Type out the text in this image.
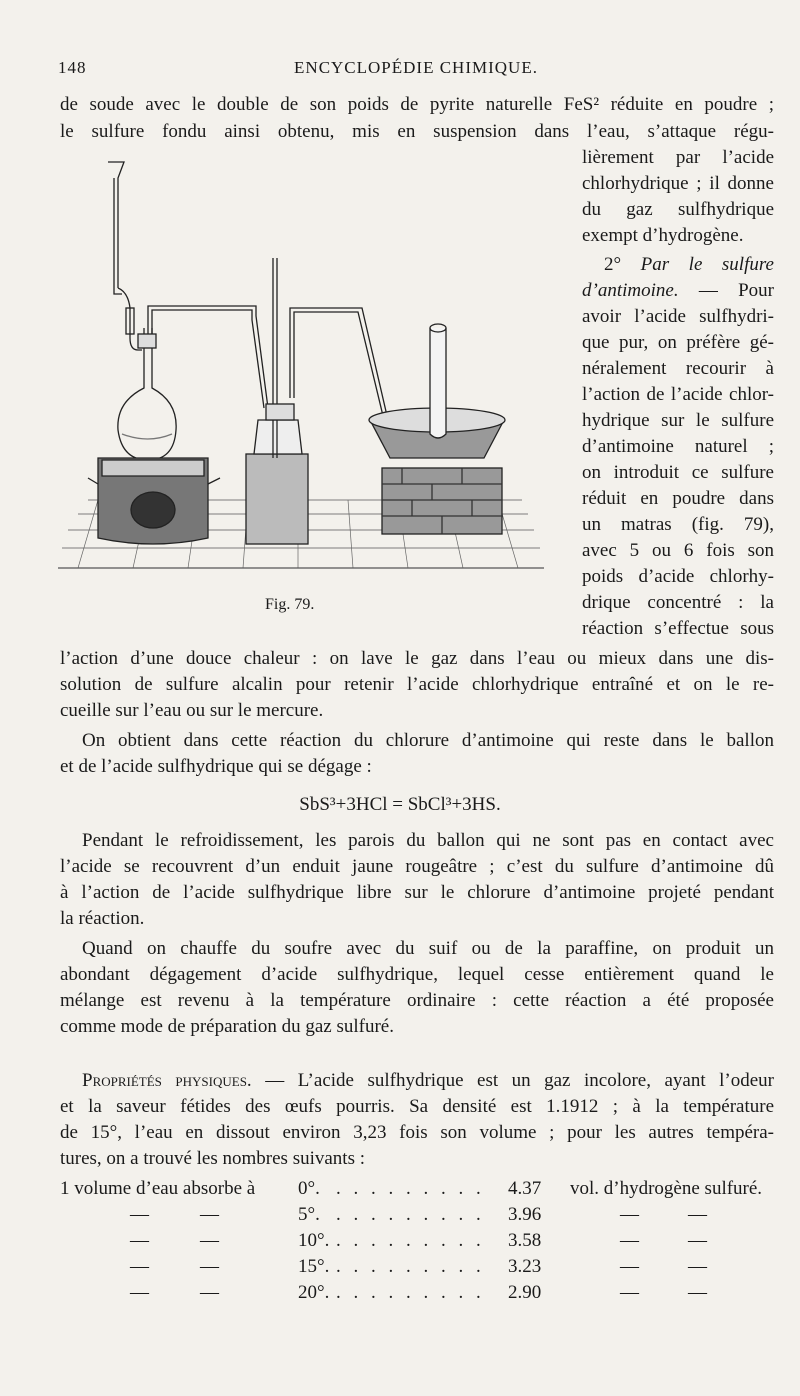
148	ENCYCLOPÉDIE CHIMIQUE.
de soude avec le double de son poids de pyrite naturelle FeS² réduite en poudre ;
le sulfure fondu ainsi obtenu, mis en suspension dans l’eau, s’attaque régu-
lièrement par l’acide
chlorhydrique ; il donne
du gaz sulfhydrique
exempt d’hydrogène.
2° Par le sulfure
d’antimoine. — Pour
avoir l’acide sulfhydri-
que pur, on préfère gé-
néralement recourir à
l’action de l’acide chlor-
hydrique sur le sulfure
d’antimoine naturel ;
on introduit ce sulfure
réduit en poudre dans
un matras (fig. 79),
avec 5 ou 6 fois son
poids d’acide chlorhy-
drique concentré : la
réaction s’effectue sous
Fig. 79.
l’action d’une douce chaleur : on lave le gaz dans l’eau ou mieux dans une dis-
solution de sulfure alcalin pour retenir l’acide chlorhydrique entraîné et on le re-
cueille sur l’eau ou sur le mercure.
On obtient dans cette réaction du chlorure d’antimoine qui reste dans le ballon
et de l’acide sulfhydrique qui se dégage :
SbS³+3HCl = SbCl³+3HS.
Pendant le refroidissement, les parois du ballon qui ne sont pas en contact avec
l’acide se recouvrent d’un enduit jaune rougeâtre ; c’est du sulfure d’antimoine dû
à l’action de l’acide sulfhydrique libre sur le chlorure d’antimoine projeté pendant
la réaction.
Quand on chauffe du soufre avec du suif ou de la paraffine, on produit un
abondant dégagement d’acide sulfhydrique, lequel cesse entièrement quand le
mélange est revenu à la température ordinaire : cette réaction a été proposée
comme mode de préparation du gaz sulfuré.
Propriétés physiques. — L’acide sulfhydrique est un gaz incolore, ayant l’odeur
et la saveur fétides des œufs pourris. Sa densité est 1.1912 ; à la température
de 15°, l’eau en dissout environ 3,23 fois son volume ; pour les autres tempéra-
tures, on a trouvé les nombres suivants :
1 volume d’eau absorbe à 0°. . . . . . . . . . 4.37 vol. d’hydrogène sulfuré.
—	—	5°. . . . . . . . . . 3.96	—	—
—	—	10°. . . . . . . . . . 3.58	—	—
—	—	15°. . . . . . . . . . 3.23	—	—
—	—	20°. . . . . . . . . . 2.90	—	—
